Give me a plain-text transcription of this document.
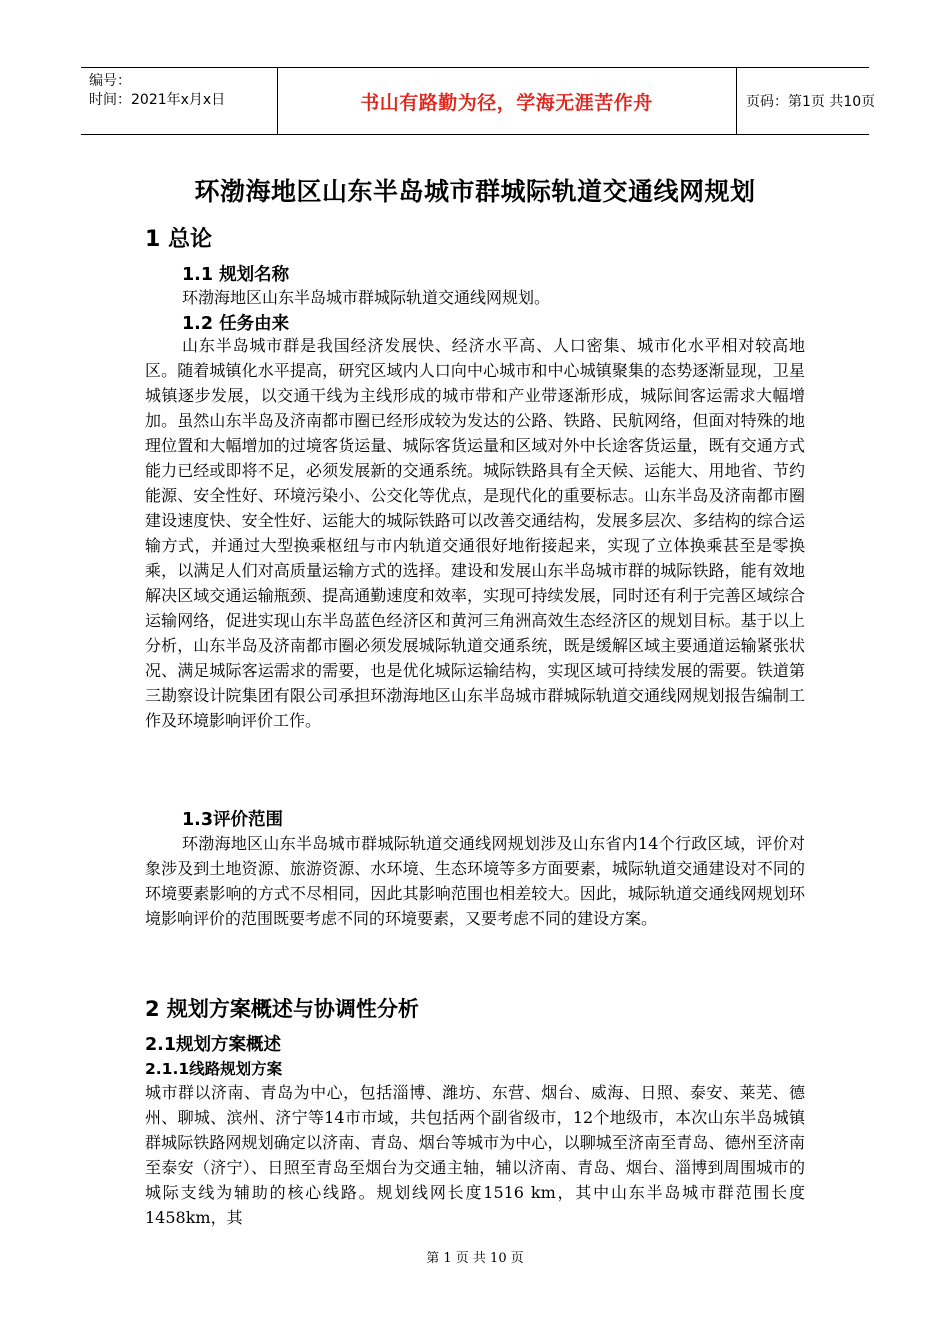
编号：
时间：2021年x月x日	书山有路勤为径，学海无涯苦作舟	页码：第1页 共10页
环渤海地区山东半岛城市群城际轨道交通线网规划
1 总论
1.1 规划名称

环渤海地区山东半岛城市群城际轨道交通线网规划。

1.2 任务由来

山东半岛城市群是我国经济发展快、经济水平高、人口密集、城市化水平相对较高地区。随着城镇化水平提高，研究区域内人口向中心城市和中心城镇聚集的态势逐渐显现，卫星城镇逐步发展，以交通干线为主线形成的城市带和产业带逐渐形成，城际间客运需求大幅增加。虽然山东半岛及济南都市圈已经形成较为发达的公路、铁路、民航网络，但面对特殊的地理位置和大幅增加的过境客货运量、城际客货运量和区域对外中长途客货运量，既有交通方式能力已经或即将不足，必须发展新的交通系统。城际铁路具有全天候、运能大、用地省、节约能源、安全性好、环境污染小、公交化等优点，是现代化的重要标志。山东半岛及济南都市圈建设速度快、安全性好、运能大的城际铁路可以改善交通结构，发展多层次、多结构的综合运输方式，并通过大型换乘枢纽与市内轨道交通很好地衔接起来，实现了立体换乘甚至是零换乘，以满足人们对高质量运输方式的选择。建设和发展山东半岛城市群的城际铁路，能有效地解决区域交通运输瓶颈、提高通勤速度和效率，实现可持续发展，同时还有利于完善区域综合运输网络，促进实现山东半岛蓝色经济区和黄河三角洲高效生态经济区的规划目标。基于以上分析，山东半岛及济南都市圈必须发展城际轨道交通系统，既是缓解区域主要通道运输紧张状况、满足城际客运需求的需要，也是优化城际运输结构，实现区域可持续发展的需要。铁道第三勘察设计院集团有限公司承担环渤海地区山东半岛城市群城际轨道交通线网规划报告编制工作及环境影响评价工作。

1.3评价范围

环渤海地区山东半岛城市群城际轨道交通线网规划涉及山东省内14个行政区域，评价对象涉及到土地资源、旅游资源、水环境、生态环境等多方面要素，城际轨道交通建设对不同的环境要素影响的方式不尽相同，因此其影响范围也相差较大。因此，城际轨道交通线网规划环境影响评价的范围既要考虑不同的环境要素，又要考虑不同的建设方案。

2 规划方案概述与协调性分析
2.1规划方案概述
2.1.1线路规划方案

城市群以济南、青岛为中心，包括淄博、潍坊、东营、烟台、威海、日照、泰安、莱芜、德州、聊城、滨州、济宁等14市市域，共包括两个副省级市，12个地级市，本次山东半岛城镇群城际铁路网规划确定以济南、青岛、烟台等城市为中心，以聊城至济南至青岛、德州至济南至泰安（济宁）、日照至青岛至烟台为交通主轴，辅以济南、青岛、烟台、淄博到周围城市的城际支线为辅助的核心线路。规划线网长度1516 km，其中山东半岛城市群范围长度1458km，其

第 1 页 共 10 页
